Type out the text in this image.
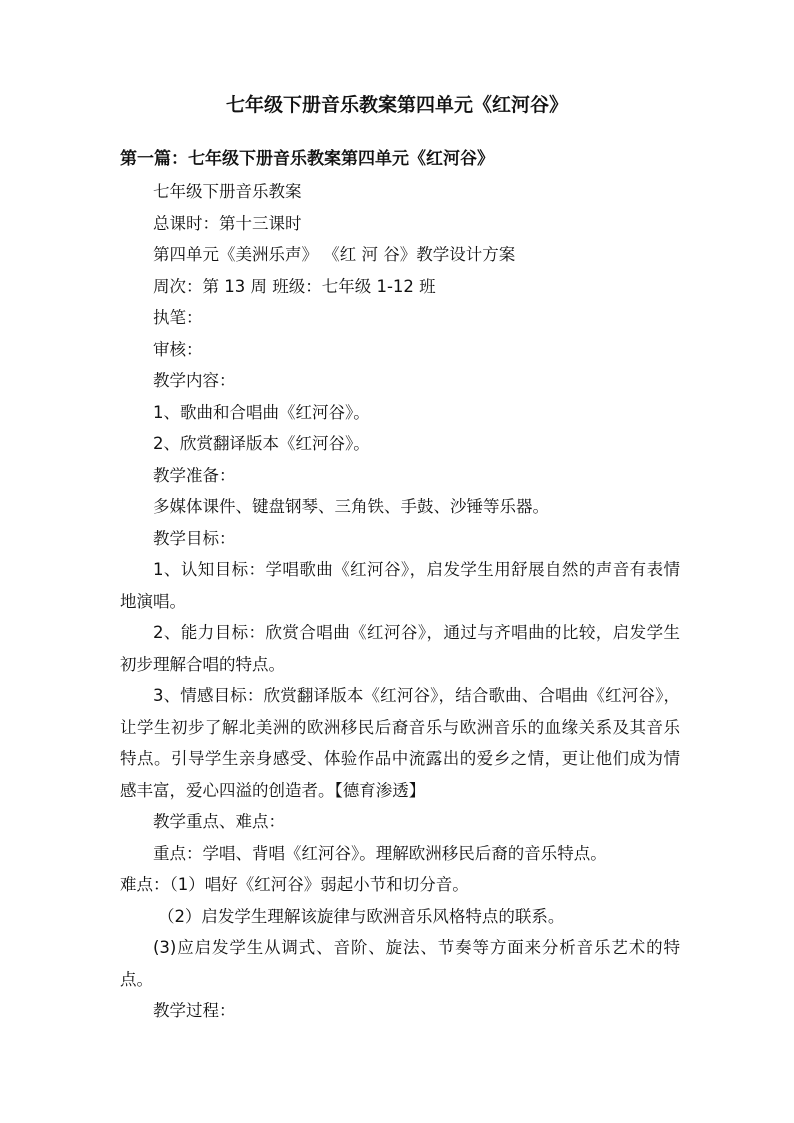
七年级下册音乐教案第四单元《红河谷》
第一篇：七年级下册音乐教案第四单元《红河谷》

七年级下册音乐教案

总课时：第十三课时

第四单元《美洲乐声》 《红 河 谷》教学设计方案

周次：第 13 周 班级：七年级 1-12 班

执笔：

审核：

教学内容：

1、歌曲和合唱曲《红河谷》。

2、欣赏翻译版本《红河谷》。

教学准备：

多媒体课件、键盘钢琴、三角铁、手鼓、沙锤等乐器。

教学目标：

1、认知目标：学唱歌曲《红河谷》，启发学生用舒展自然的声音有表情地演唱。

2、能力目标：欣赏合唱曲《红河谷》，通过与齐唱曲的比较，启发学生初步理解合唱的特点。

3、情感目标：欣赏翻译版本《红河谷》，结合歌曲、合唱曲《红河谷》，让学生初步了解北美洲的欧洲移民后裔音乐与欧洲音乐的血缘关系及其音乐特点。引导学生亲身感受、体验作品中流露出的爱乡之情，更让他们成为情感丰富，爱心四溢的创造者。【德育渗透】

教学重点、难点：

重点：学唱、背唱《红河谷》。理解欧洲移民后裔的音乐特点。

难点：（1）唱好《红河谷》弱起小节和切分音。

（2）启发学生理解该旋律与欧洲音乐风格特点的联系。

(3)应启发学生从调式、音阶、旋法、节奏等方面来分析音乐艺术的特点。

教学过程：
